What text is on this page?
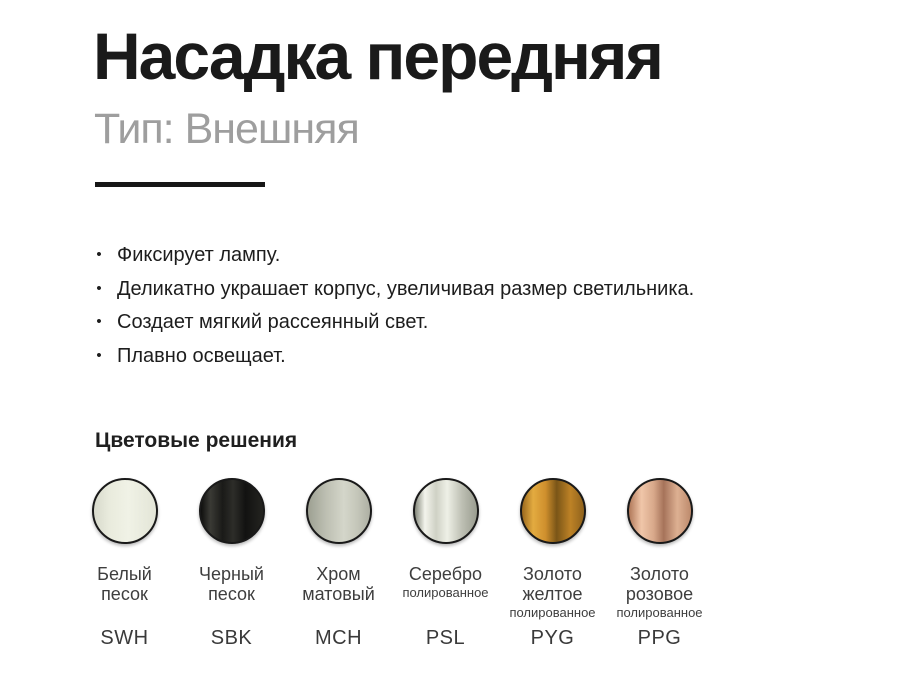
Насадка передняя
Тип: Внешняя
• Фиксирует лампу.
• Деликатно украшает корпус, увеличивая размер светильника.
• Создает мягкий рассеянный свет.
• Плавно освещает.
Цветовые решения
Белый
песок
SWH
Черный
песок
SBK
Хром
матовый
MCH
Серебро
полированное
PSL
Золото
желтое
полированное
PYG
Золото
розовое
полированное
PPG
